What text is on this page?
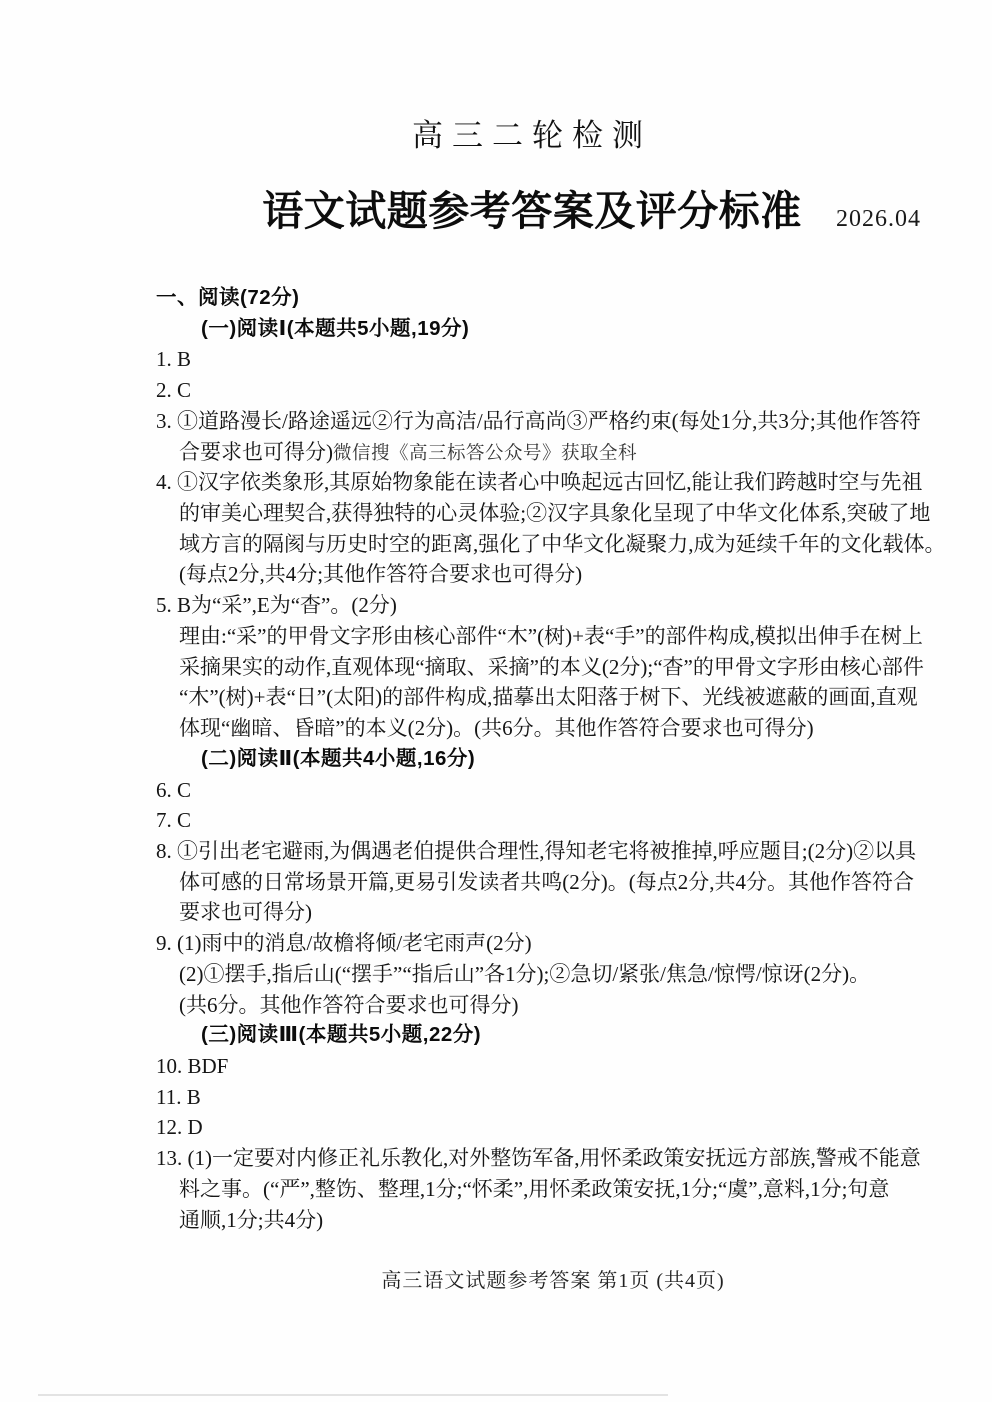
高三二轮检测
语文试题参考答案及评分标准 2026.04
一、阅读(72分)
(一)阅读Ⅰ(本题共5小题,19分)
1. B
2. C
3. ①道路漫长/路途遥远②行为高洁/品行高尚③严格约束(每处1分,共3分;其他作答符
合要求也可得分)微信搜《高三标答公众号》获取全科
4. ①汉字依类象形,其原始物象能在读者心中唤起远古回忆,能让我们跨越时空与先祖
的审美心理契合,获得独特的心灵体验;②汉字具象化呈现了中华文化体系,突破了地
域方言的隔阂与历史时空的距离,强化了中华文化凝聚力,成为延续千年的文化载体。
(每点2分,共4分;其他作答符合要求也可得分)
5. B为“采”,E为“杳”。(2分)
理由:“采”的甲骨文字形由核心部件“木”(树)+表“手”的部件构成,模拟出伸手在树上
采摘果实的动作,直观体现“摘取、采摘”的本义(2分);“杳”的甲骨文字形由核心部件
“木”(树)+表“日”(太阳)的部件构成,描摹出太阳落于树下、光线被遮蔽的画面,直观
体现“幽暗、昏暗”的本义(2分)。(共6分。其他作答符合要求也可得分)
(二)阅读Ⅱ(本题共4小题,16分)
6. C
7. C
8. ①引出老宅避雨,为偶遇老伯提供合理性,得知老宅将被推掉,呼应题目;(2分)②以具
体可感的日常场景开篇,更易引发读者共鸣(2分)。(每点2分,共4分。其他作答符合
要求也可得分)
9. (1)雨中的消息/故檐将倾/老宅雨声(2分)
(2)①摆手,指后山(“摆手”“指后山”各1分);②急切/紧张/焦急/惊愕/惊讶(2分)。
(共6分。其他作答符合要求也可得分)
(三)阅读Ⅲ(本题共5小题,22分)
10. BDF
11. B
12. D
13. (1)一定要对内修正礼乐教化,对外整饬军备,用怀柔政策安抚远方部族,警戒不能意
料之事。(“严”,整饬、整理,1分;“怀柔”,用怀柔政策安抚,1分;“虞”,意料,1分;句意
通顺,1分;共4分)
高三语文试题参考答案 第1页 (共4页)
